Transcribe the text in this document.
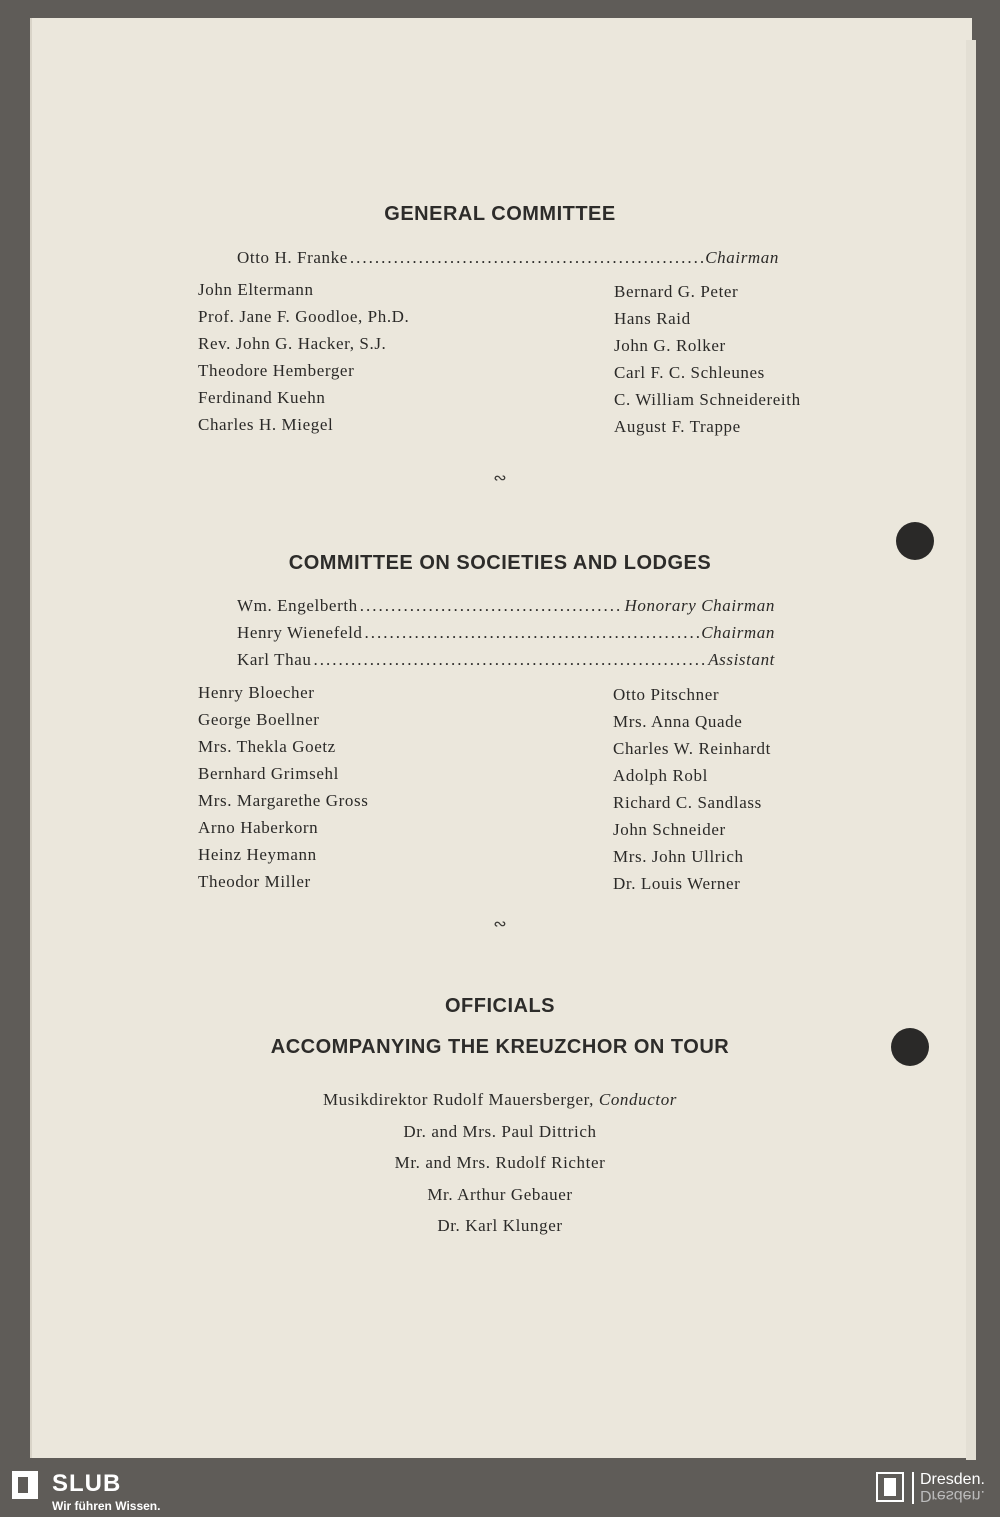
GENERAL COMMITTEE
Otto H. Franke .....	Chairman
John Eltermann
Prof. Jane F. Goodloe, Ph.D.
Rev. John G. Hacker, S.J.
Theodore Hemberger
Ferdinand Kuehn
Charles H. Miegel
Bernard G. Peter
Hans Raid
John G. Rolker
Carl F. C. Schleunes
C. William Schneidereith
August F. Trappe
∾
COMMITTEE ON SOCIETIES AND LODGES
Wm. Engelberth .....	Honorary Chairman
Henry Wienefeld .....	Chairman
Karl Thau .....	Assistant
Henry Bloecher
George Boellner
Mrs. Thekla Goetz
Bernhard Grimsehl
Mrs. Margarethe Gross
Arno Haberkorn
Heinz Heymann
Theodor Miller
Otto Pitschner
Mrs. Anna Quade
Charles W. Reinhardt
Adolph Robl
Richard C. Sandlass
John Schneider
Mrs. John Ullrich
Dr. Louis Werner
∾
OFFICIALS
ACCOMPANYING THE KREUZCHOR ON TOUR
Musikdirektor Rudolf Mauersberger, Conductor
Dr. and Mrs. Paul Dittrich
Mr. and Mrs. Rudolf Richter
Mr. Arthur Gebauer
Dr. Karl Klunger
SLUB
Wir führen Wissen.
Dresden.
Dresden.
